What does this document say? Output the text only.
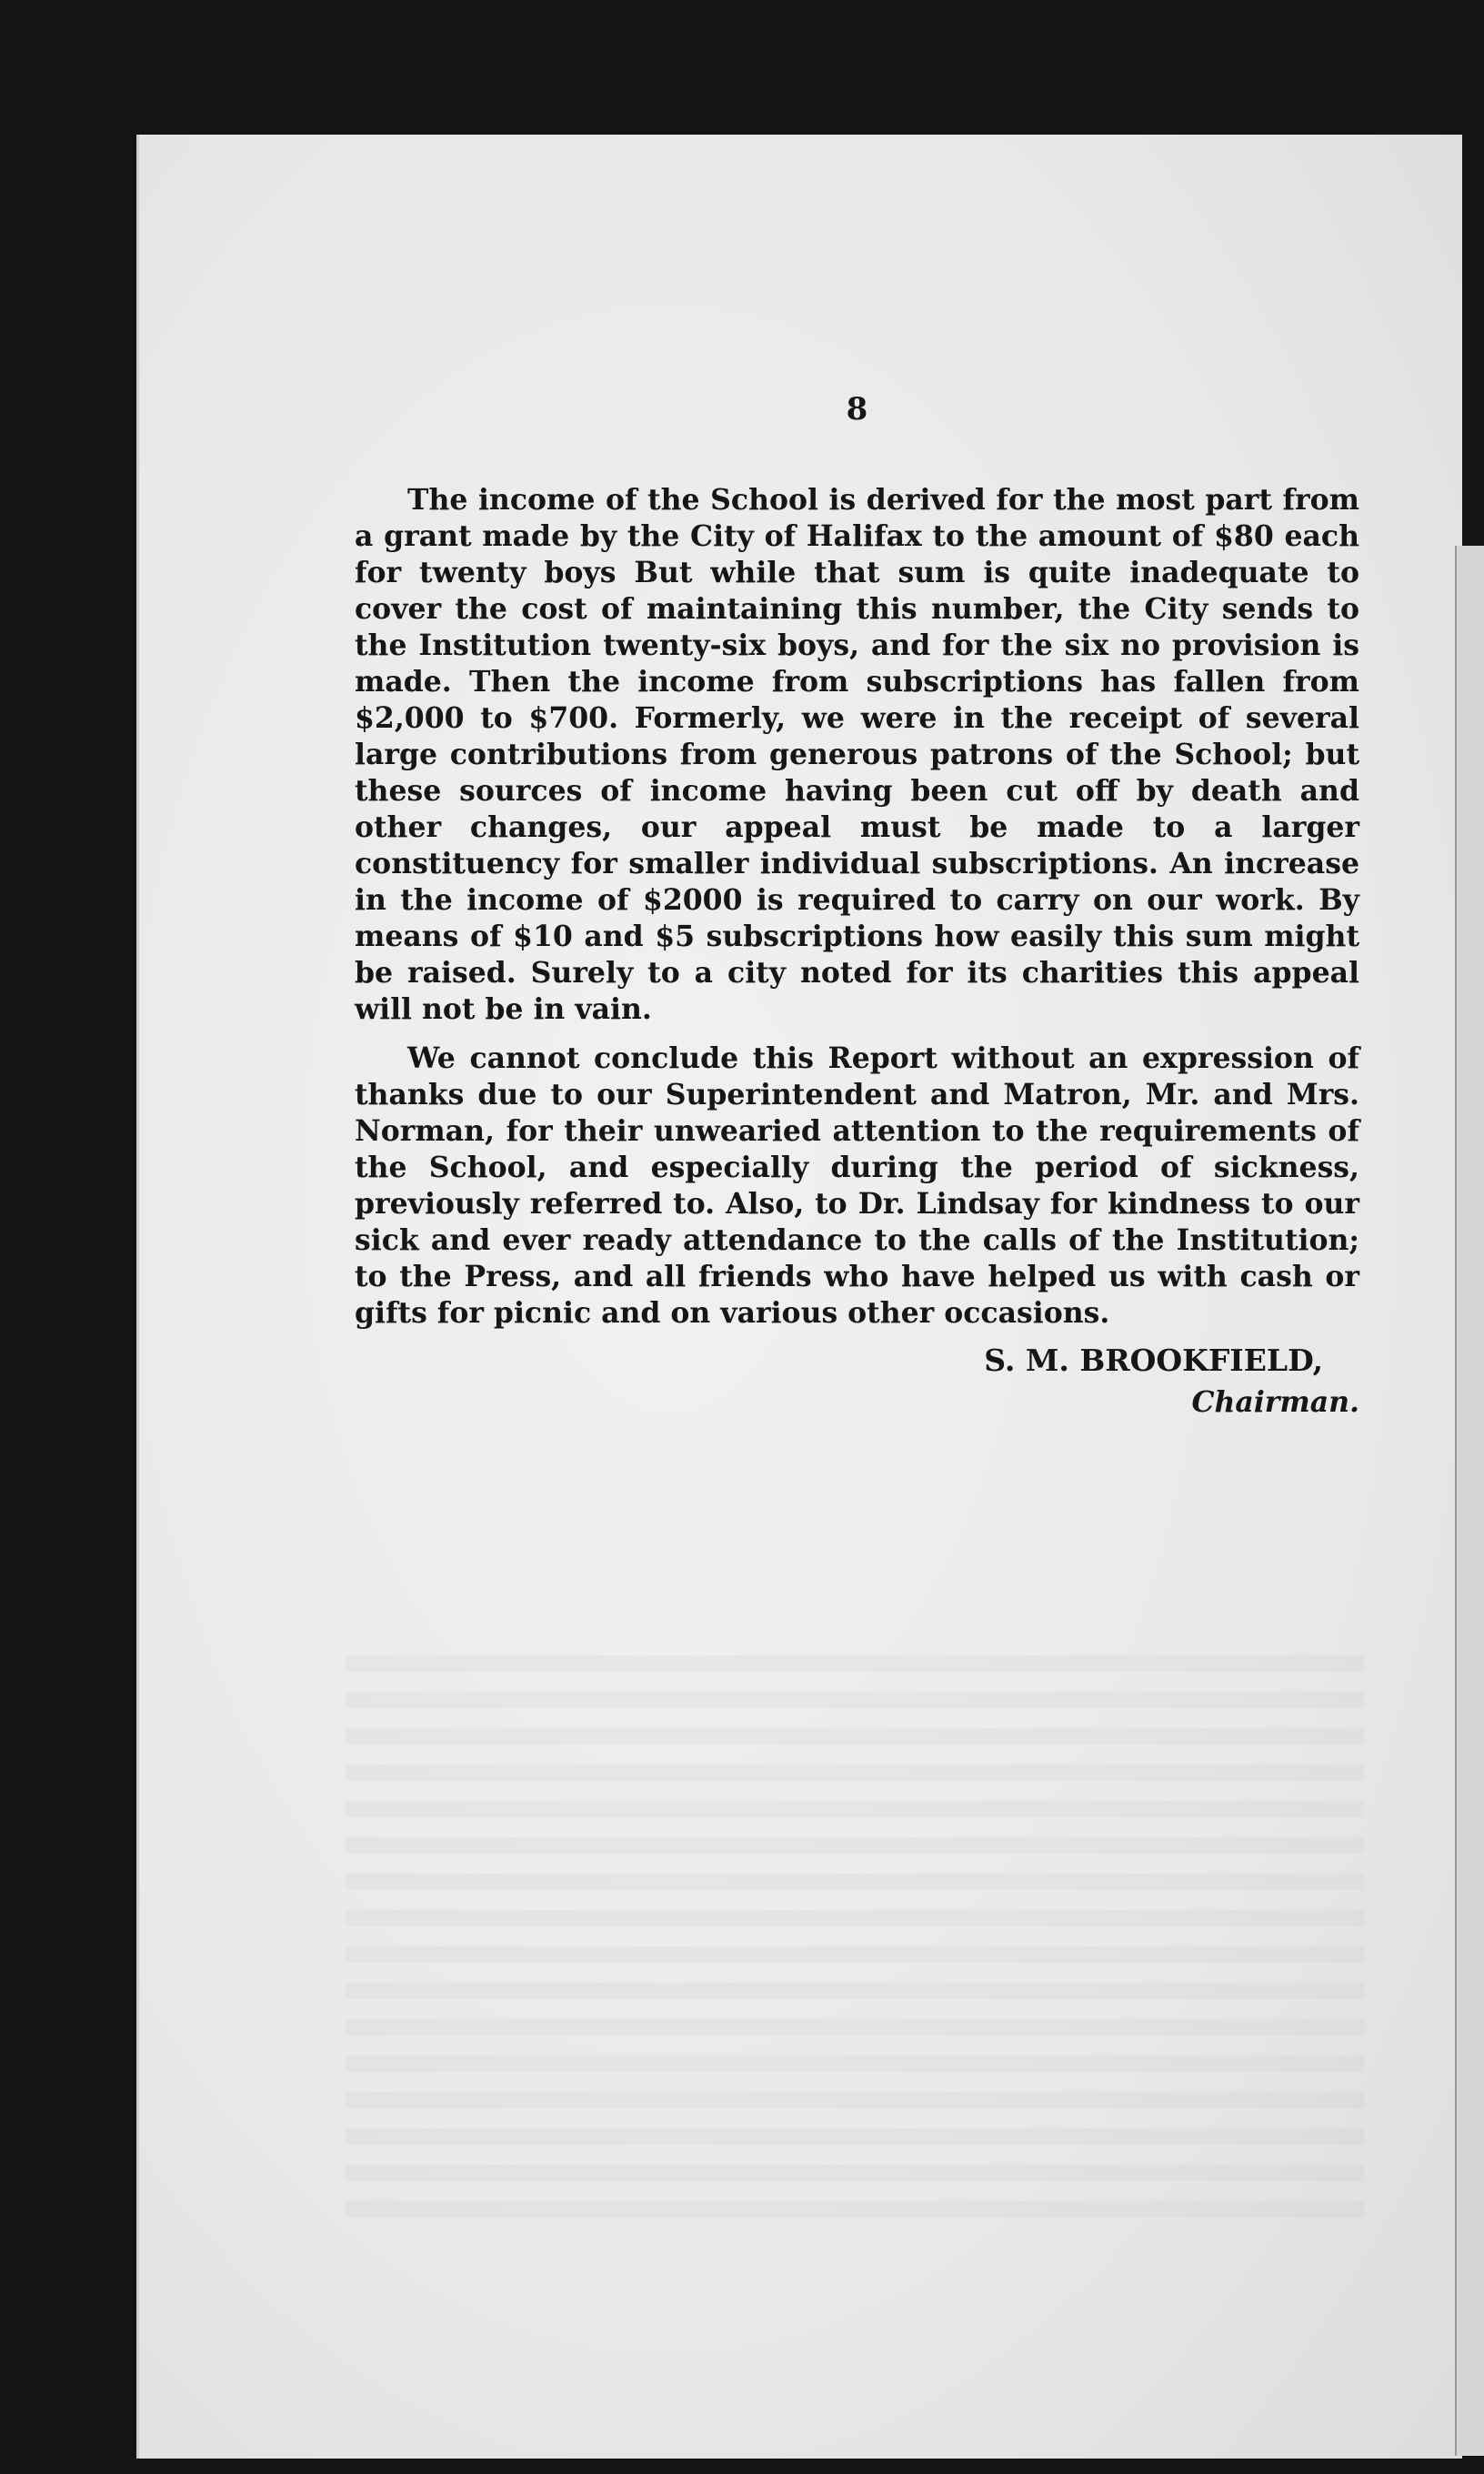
8

The income of the School is derived for the most part from a grant made by the City of Halifax to the amount of $80 each for twenty boys But while that sum is quite inadequate to cover the cost of maintaining this number, the City sends to the Institution twenty-six boys, and for the six no provision is made. Then the income from subscriptions has fallen from $2,000 to $700. Formerly, we were in the receipt of several large contributions from generous patrons of the School; but these sources of income having been cut off by death and other changes, our appeal must be made to a larger constituency for smaller individual subscriptions. An increase in the income of $2000 is required to carry on our work. By means of $10 and $5 subscriptions how easily this sum might be raised. Surely to a city noted for its charities this appeal will not be in vain.

We cannot conclude this Report without an expression of thanks due to our Superintendent and Matron, Mr. and Mrs. Norman, for their unwearied attention to the requirements of the School, and especially during the period of sickness, previously referred to. Also, to Dr. Lindsay for kindness to our sick and ever ready attendance to the calls of the Institution; to the Press, and all friends who have helped us with cash or gifts for picnic and on various other occasions.

S. M. BROOKFIELD,
Chairman.
